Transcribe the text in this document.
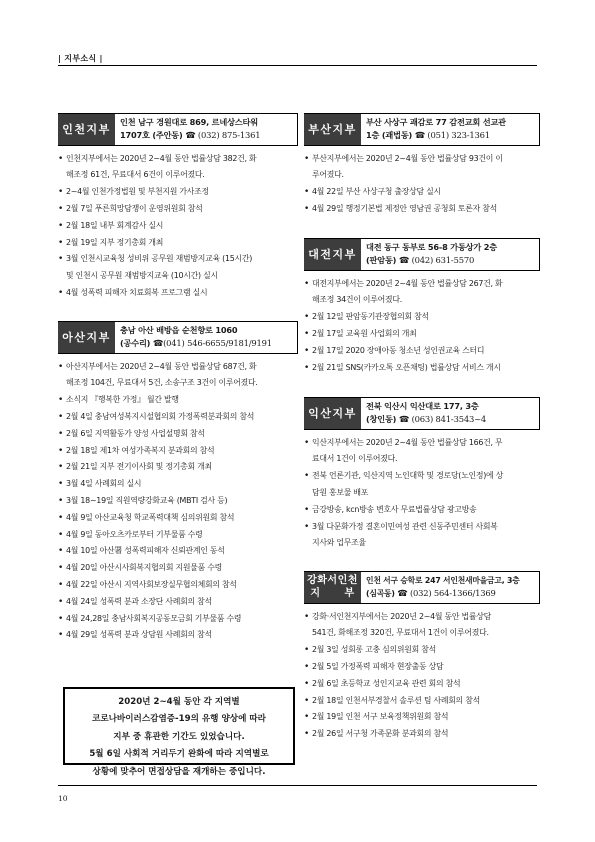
| 지부소식 |
인천지부
인천 남구 경원대로 869, 르네상스타워
1707호 (주안동) ☎ (032) 875-1361
• 인천지부에서는 2020년 2~4월 동안 법률상담 382건, 화
해조정 61건, 무료대서 6건이 이루어졌다.
• 2~4월 인천가정법원 및 부천지원 가사조정
• 2월 7일 푸른희망담쟁이 운영위원회 참석
• 2월 18일 내부 회계감사 실시
• 2월 19일 지부 정기총회 개최
• 3월 인천시교육청 성비위 공무원 재범방지교육 (15시간)
및 인천시 공무원 재범방지교육 (10시간) 실시
• 4월 성폭력 피해자 치료회복 프로그램 실시
아산지부
충남 아산 배방읍 순천향로 1060
(공수리) ☎(041) 546-6655/9181/9191
• 아산지부에서는 2020년 2~4월 동안 법률상담 687건, 화
해조정 104건, 무료대서 5건, 소송구조 3건이 이루어졌다.
• 소식지 『행복한 가정』 월간 발행
• 2월 4일 충남여성복지시설협의회 가정폭력분과회의 참석
• 2월 6일 지역활동가 양성 사업설명회 참석
• 2월 18일 제1차 여성가족복지 분과회의 참석
• 2월 21일 지부 전기이사회 및 정기총회 개최
• 3월 4일 사례회의 실시
• 3월 18~19일 직원역량강화교육 (MBTI 검사 등)
• 4월 9일 아산교육청 학교폭력대책 심의위원회 참석
• 4월 9일 동아오츠카로부터 기부물품 수령
• 4월 10일 아산署 성폭력피해자 신뢰관계인 동석
• 4월 20일 아산시사회복지협의회 지원물품 수령
• 4월 22일 아산시 지역사회보장실무협의체회의 참석
• 4월 24일 성폭력 분과 소장단 사례회의 참석
• 4월 24,28일 충남사회복지공동모금회 기부물품 수령
• 4월 29일 성폭력 분과 상담원 사례회의 참석
부산지부
부산 사상구 괘감로 77 감전교회 선교관
1층 (괘법동) ☎ (051) 323-1361
• 부산지부에서는 2020년 2~4월 동안 법률상담 93건이 이
루어졌다.
• 4월 22일 부산 사상구청 출장상담 실시
• 4월 29일 행정기본법 제정안 영남권 공청회 토론자 참석
대전지부
대전 동구 동부로 56-8 가동상가 2층
(판암동) ☎ (042) 631-5570
• 대전지부에서는 2020년 2~4월 동안 법률상담 267건, 화
해조정 34건이 이루어졌다.
• 2월 12일 판암동기관장협의회 참석
• 2월 17일 교육원 사업회의 개최
• 2월 17일 2020 장애아동 청소년 성인권교육 스터디
• 2월 21일 SNS(카카오톡 오픈채팅) 법률상담 서비스 개시
익산지부
전북 익산시 익산대로 177, 3층
(창인동) ☎ (063) 841-3543~4
• 익산지부에서는 2020년 2~4월 동안 법률상담 166건, 무
료대서 1건이 이루어졌다.
• 전북 언론기관, 익산지역 노인대학 및 경로당(노인정)에 상
담원 홍보물 배포
• 금강방송, kcn방송 변호사 무료법률상담 광고방송
• 3월 다문화가정 결혼이민여성 관련 신동주민센터 사회복
지사와 업무조율
강화서인천
지      부
인천 서구 승학로 247 서인천새마을금고, 3층
(심곡동) ☎ (032) 564-1366/1369
• 강화·서인천지부에서는 2020년 2~4월 동안 법률상담
541건, 화해조정 320건, 무료대서 1건이 이루어졌다.
• 2월 3일 성회롱 고충 심의위원회 참석
• 2월 5일 가정폭력 피해자 현장출동 상담
• 2월 6일 초등학교 성인지교육 관련 회의 참석
• 2월 18일 인천서부경찰서 솔루션 팀 사례회의 참석
• 2월 19일 인천 서구 보육정책위원회 참석
• 2월 26일 서구청 가족문화 분과회의 참석
2020년 2~4월 동안 각 지역별
코로나바이러스감염증-19의 유행 양상에 따라
지부 중 휴관한 기간도 있었습니다.
5월 6일 사회적 거리두기 완화에 따라 지역별로
상황에 맞추어 면접상담을 재개하는 중입니다.
10
